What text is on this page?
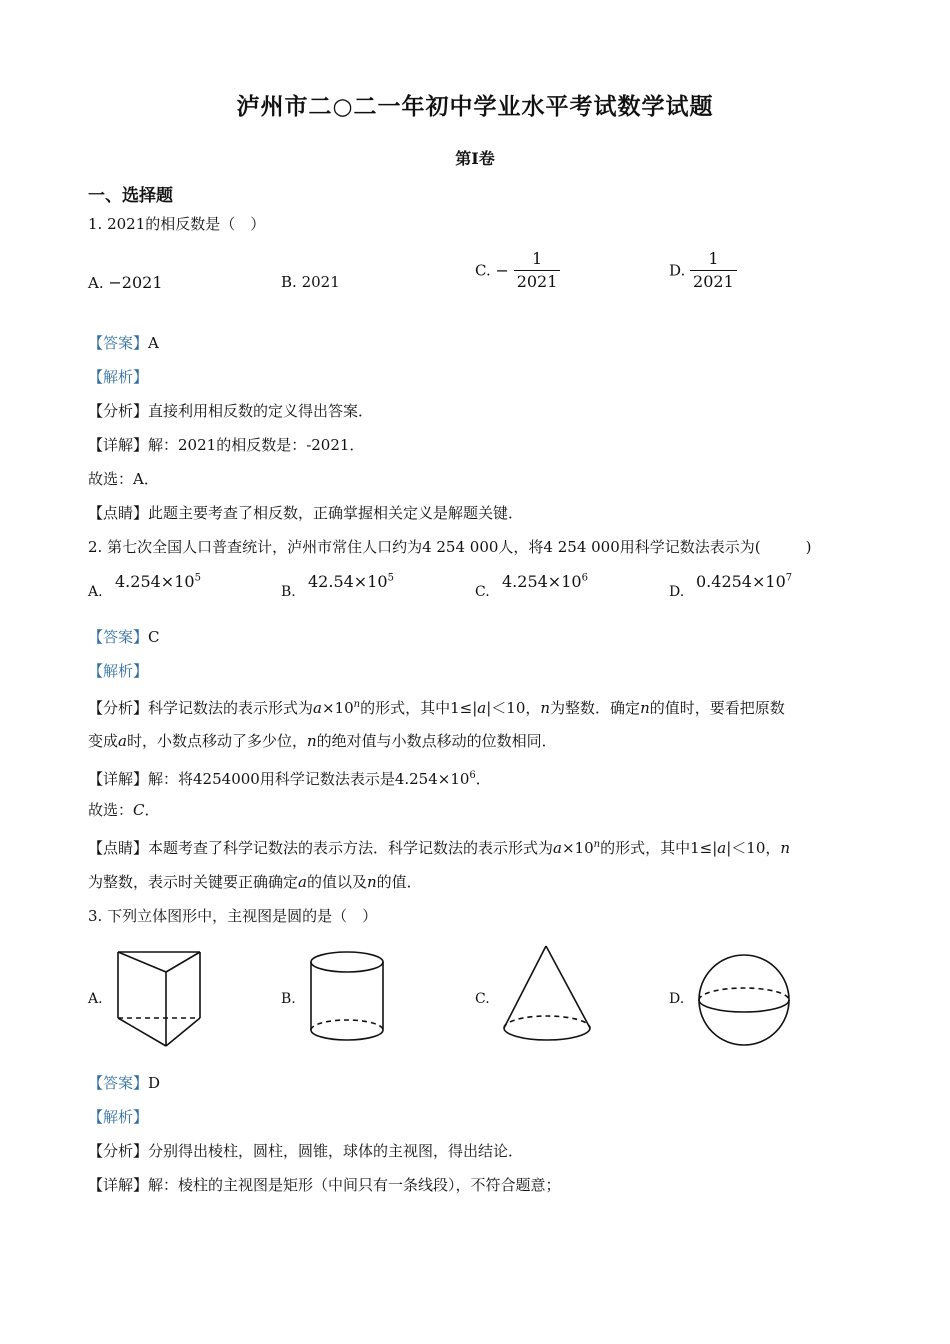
泸州市二○二一年初中学业水平考试数学试题
第Ⅰ卷
一、选择题
1. 2021的相反数是（　）
A. −2021	B. 2021
C. − $\frac{1}{2021}$	D. $\frac{1}{2021}$
【答案】A
【解析】
【分析】直接利用相反数的定义得出答案．
【详解】解：2021的相反数是：-2021．
故选：A．
【点睛】此题主要考查了相反数，正确掌握相关定义是解题关键．
2. 第七次全国人口普查统计，泸州市常住人口约为4 254 000人，将4 254 000用科学记数法表示为(　　　)
A.
$4.254\times 10^5$
B.
$42.54\times 10^5$
C.
$4.254\times 10^6$
D.
$0.4254\times 10^7$
【答案】C
【解析】
【分析】科学记数法的表示形式为$a\times 10^n$的形式，其中1≤|a|＜10，n为整数．确定n的值时，要看把原数
变成a时，小数点移动了多少位，n的绝对值与小数点移动的位数相同．
【详解】解：将4254000用科学记数法表示是$4.254\times 10^6$．
故选：C．
【点睛】本题考查了科学记数法的表示方法．科学记数法的表示形式为$a\times 10^n$的形式，其中1≤|a|＜10，n
为整数，表示时关键要正确确定a的值以及n的值．
3. 下列立体图形中，主视图是圆的是（　）
A.	B.	C.	D.
【答案】D
【解析】
【分析】分别得出棱柱，圆柱，圆锥，球体的主视图，得出结论．
【详解】解：棱柱的主视图是矩形（中间只有一条线段），不符合题意；
